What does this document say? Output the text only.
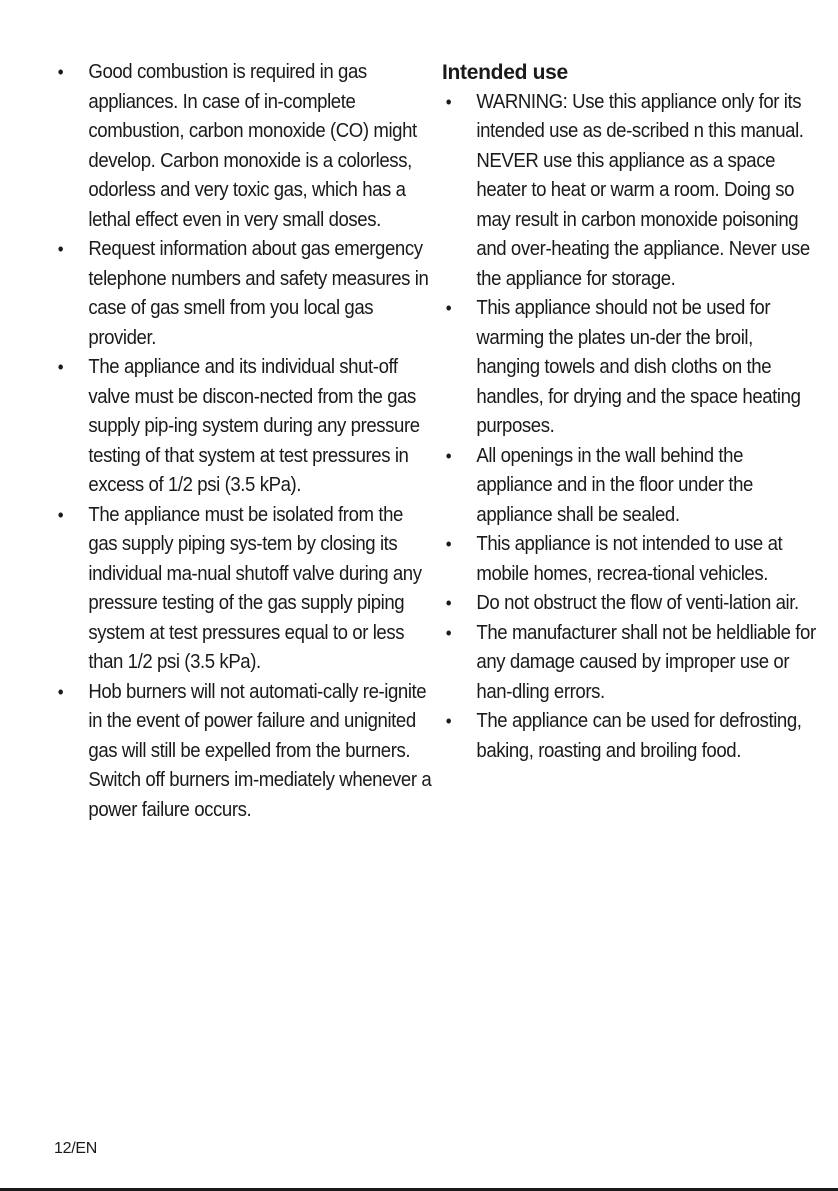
• Good combustion is required in gas appliances. In case of in-complete combustion, carbon monoxide (CO) might develop. Carbon monoxide is a colorless, odorless and very toxic gas, which has a lethal effect even in very small doses.
• Request information about gas emergency telephone numbers and safety measures in case of gas smell from you local gas provider.
• The appliance and its individual shut-off valve must be discon-nected from the gas supply pip-ing system during any pressure testing of that system at test pressures in excess of 1/2 psi (3.5 kPa).
• The appliance must be isolated from the gas supply piping sys-tem by closing its individual ma-nual shutoff valve during any pressure testing of the gas supply piping system at test pressures equal to or less than 1/2 psi (3.5 kPa).
• Hob burners will not automati-cally re-ignite in the event of power failure and unignited gas will still be expelled from the burners. Switch off burners im-mediately whenever a power failure occurs.
Intended use
• WARNING: Use this appliance only for its intended use as de-scribed n this manual. NEVER use this appliance as a space heater to heat or warm a room. Doing so may result in carbon monoxide poisoning and over-heating the appliance. Never use the appliance for storage.
• This appliance should not be used for warming the plates un-der the broil, hanging towels and dish cloths on the handles, for drying and the space heating purposes.
• All openings in the wall behind the appliance and in the floor under the appliance shall be sealed.
• This appliance is not intended to use at mobile homes, recrea-tional vehicles.
• Do not obstruct the flow of venti-lation air.
• The manufacturer shall not be heldliable for any damage caused by improper use or han-dling errors.
• The appliance can be used for defrosting, baking, roasting and broiling food.
12/EN
